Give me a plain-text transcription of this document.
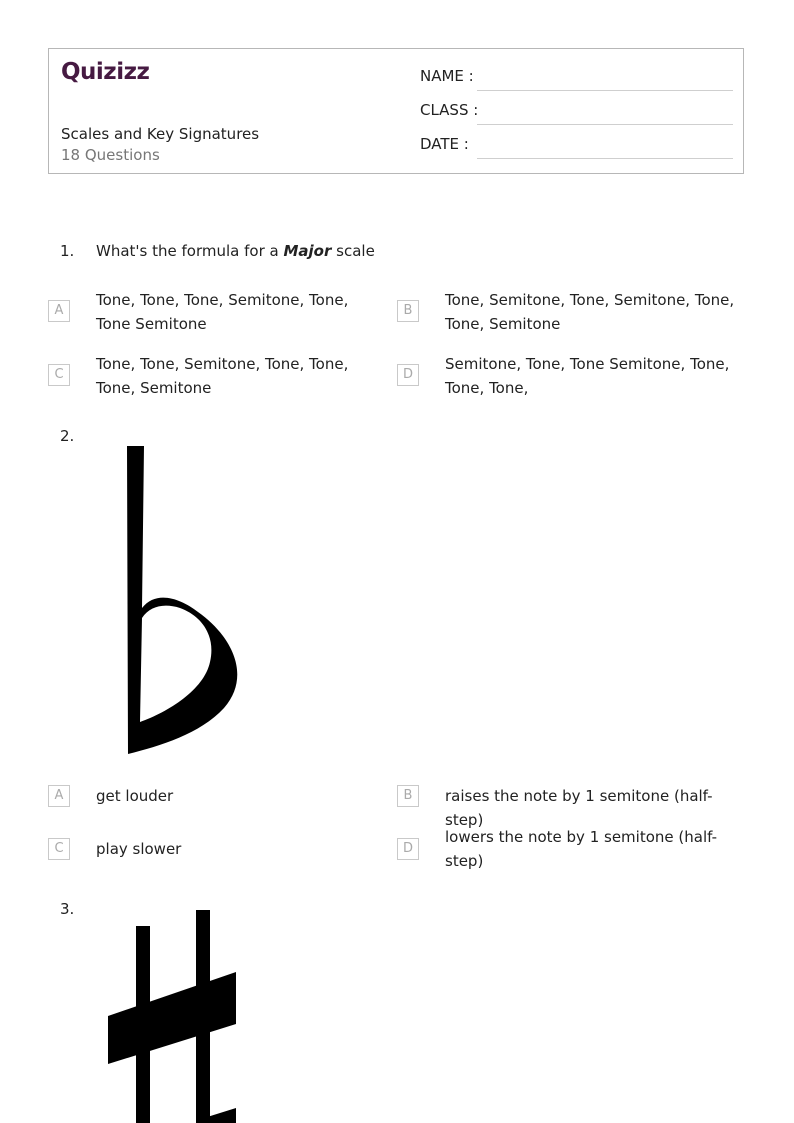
Quizizz
Scales and Key Signatures
18 Questions
NAME :
CLASS :
DATE :
1. What's the formula for a Major scale
A
Tone, Tone, Tone, Semitone, Tone, Tone Semitone
B
Tone, Semitone, Tone, Semitone, Tone, Tone, Semitone
C
Tone, Tone, Semitone, Tone, Tone, Tone, Semitone
D
Semitone, Tone, Tone Semitone, Tone, Tone, Tone,
2.
A	get louder	B	raises the note by 1 semitone (half-step)
C	play slower	D
lowers the note by 1 semitone (half-step)
3.
